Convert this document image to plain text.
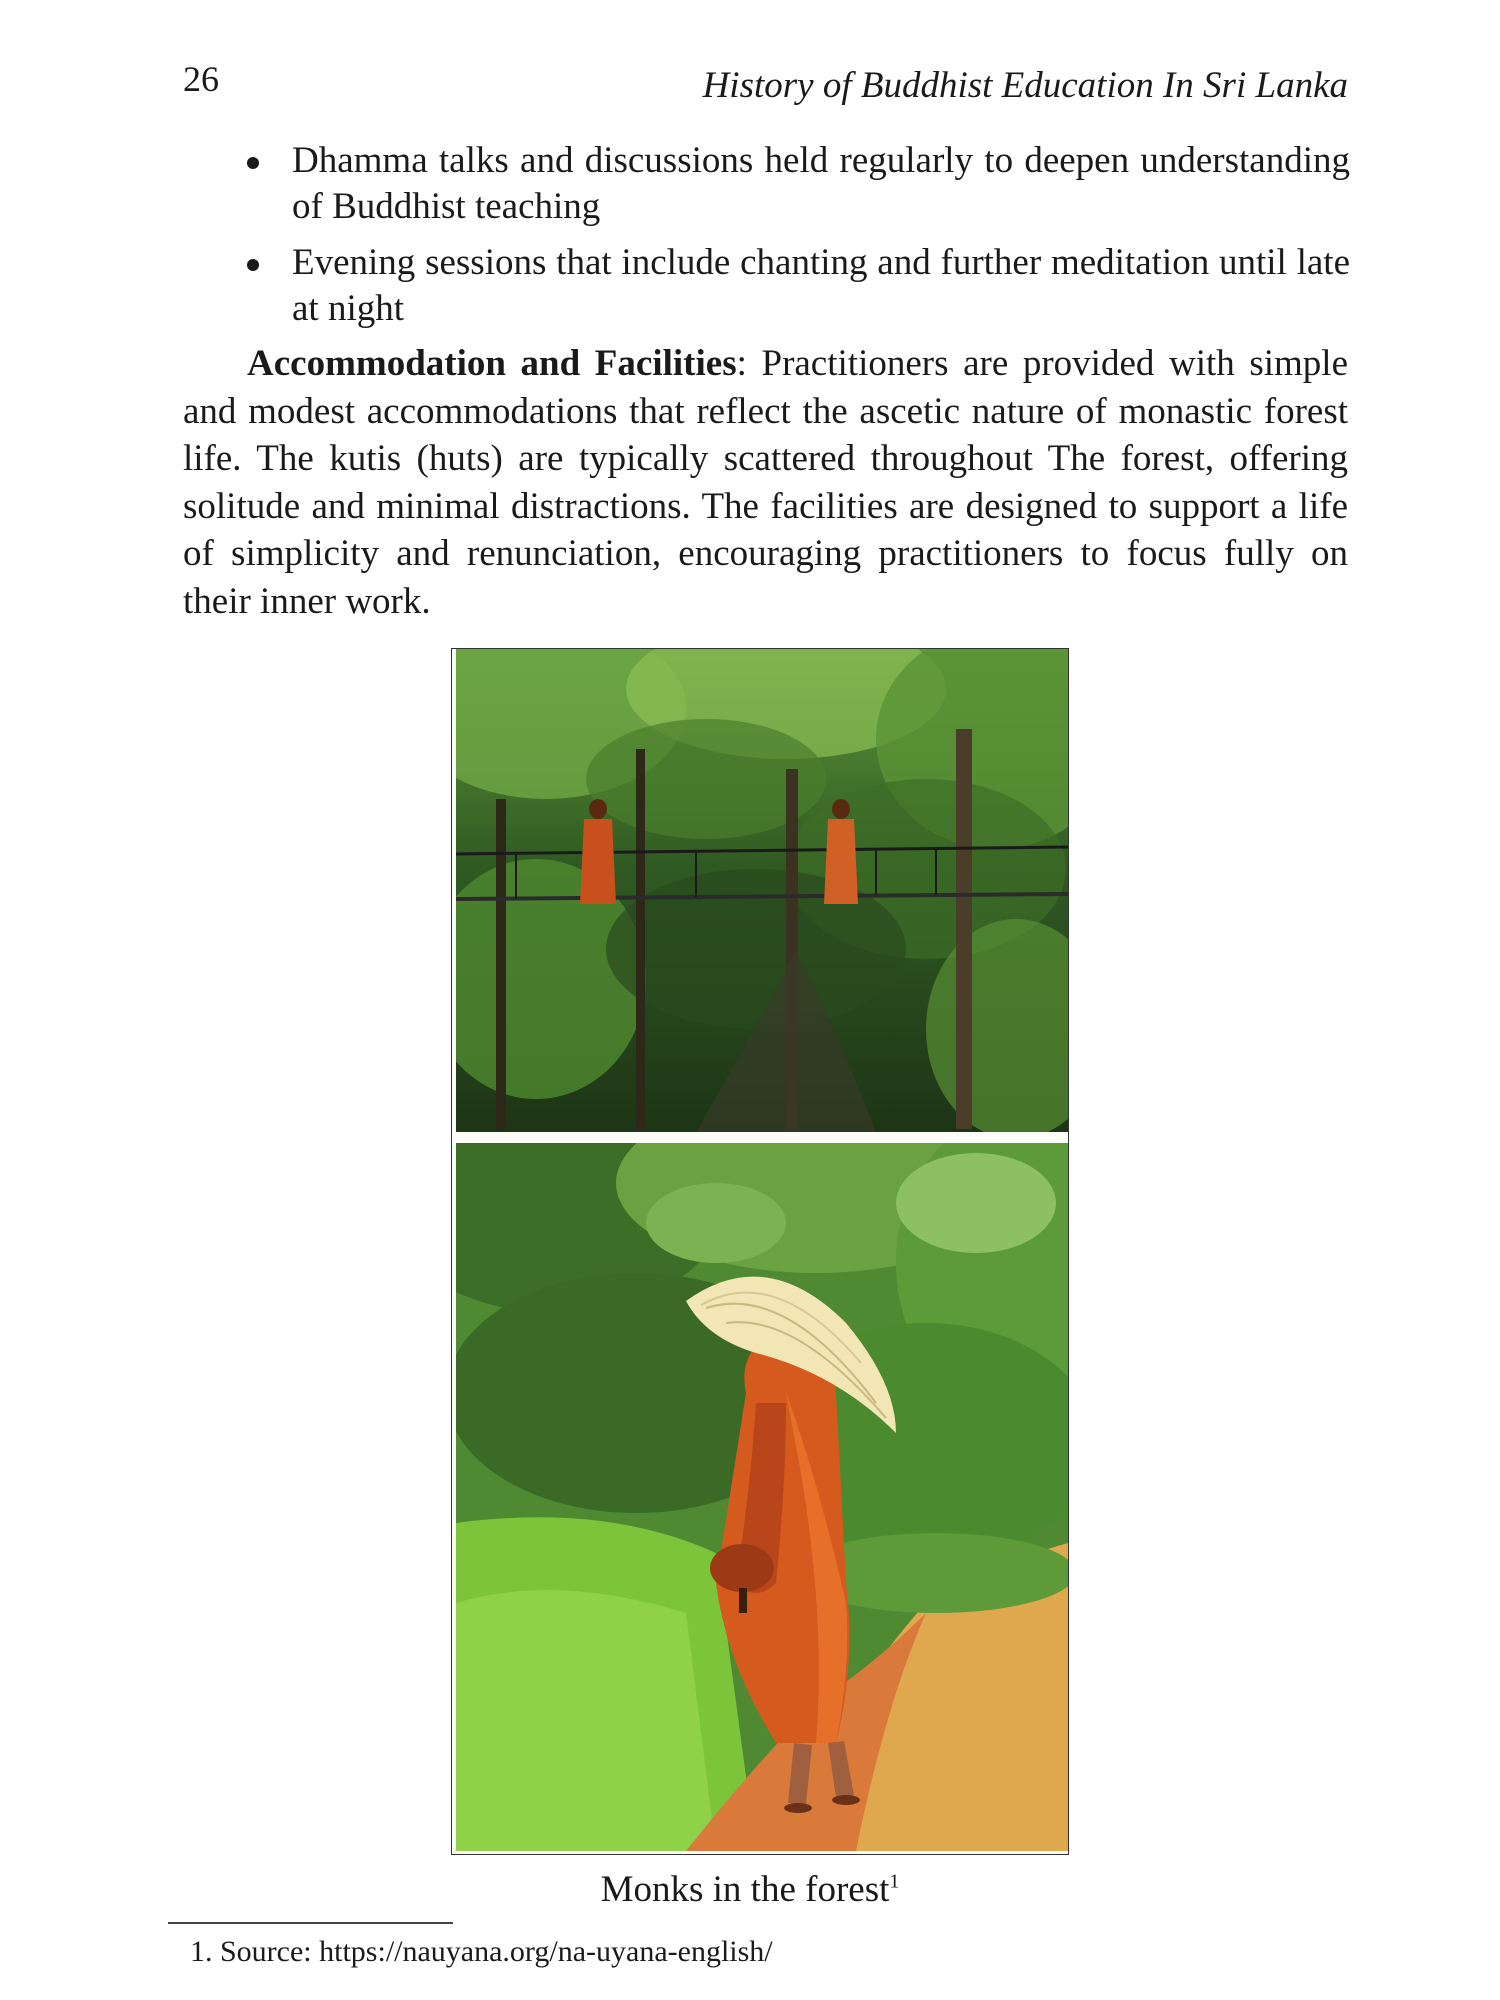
26	History of Buddhist Education In Sri Lanka
Dhamma talks and discussions held regularly to deepen understanding of Buddhist teaching
Evening sessions that include chanting and further meditation until late at night

Accommodation and Facilities: Practitioners are provided with simple and modest accommodations that reflect the ascetic nature of monastic forest life. The kutis (huts) are typically scattered throughout The forest, offering solitude and minimal distractions. The facilities are designed to support a life of simplicity and renunciation, encouraging practitioners to focus fully on their inner work.

Monks in the forest$^1$
1. Source: https://nauyana.org/na-uyana-english/
